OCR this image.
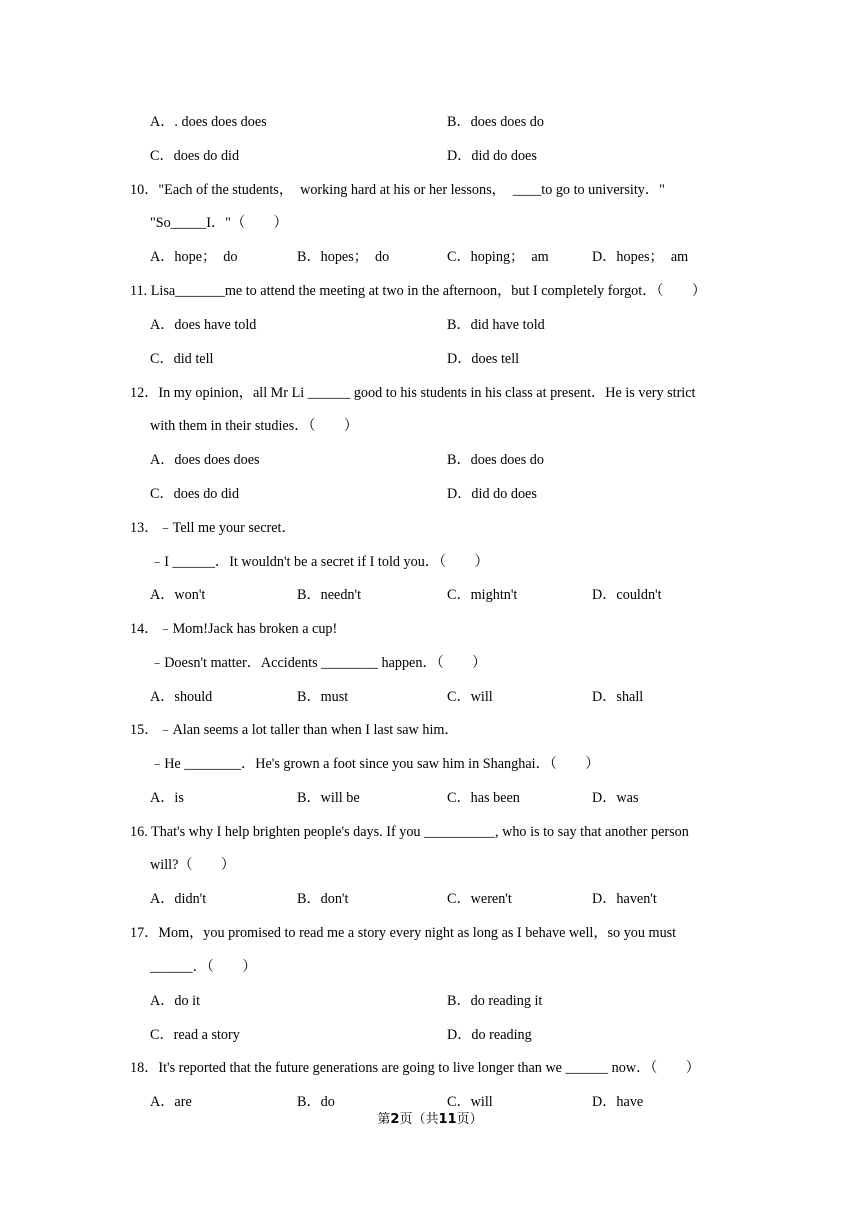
A．. does does does	B．does does do
C．does do did	D．did do does
10．"Each of the students，  working hard at his or her lessons，  ____to go to university．"
"So_____I．"（　　）
A．hope；  do	B．hopes；  do	C．hoping；  am	D．hopes；  am
11. Lisa_______me to attend the meeting at two in the afternoon，but I completely forgot．（　　）
A．does have told	B．did have told
C．did tell	D．does tell
12．In my opinion，all Mr Li ______ good to his students in his class at present．He is very strict
with them in their studies．（　　）
A．does does does	B．does does do
C．does do did	D．did do does
13．﹣Tell me your secret．
﹣I ______．It wouldn't be a secret if I told you．（　　）
A．won't	B．needn't	C．mightn't	D．couldn't
14．﹣Mom!Jack has broken a cup!
﹣Doesn't matter．Accidents ________ happen．（　　）
A．should	B．must	C．will	D．shall
15．﹣Alan seems a lot taller than when I last saw him．
﹣He ________．He's grown a foot since you saw him in Shanghai．（　　）
A．is	B．will be	C．has been	D．was
16. That's why I help brighten people's days. If you __________, who is to say that another person
will?（　　）
A．didn't	B．don't	C．weren't	D．haven't
17．Mom，you promised to read me a story every night as long as I behave well，so you must
______．（　　）
A．do it	B．do reading it
C．read a story	D．do reading
18．It's reported that the future generations are going to live longer than we ______ now．（　　）
A．are	B．do	C．will	D．have
第2页（共11页）
